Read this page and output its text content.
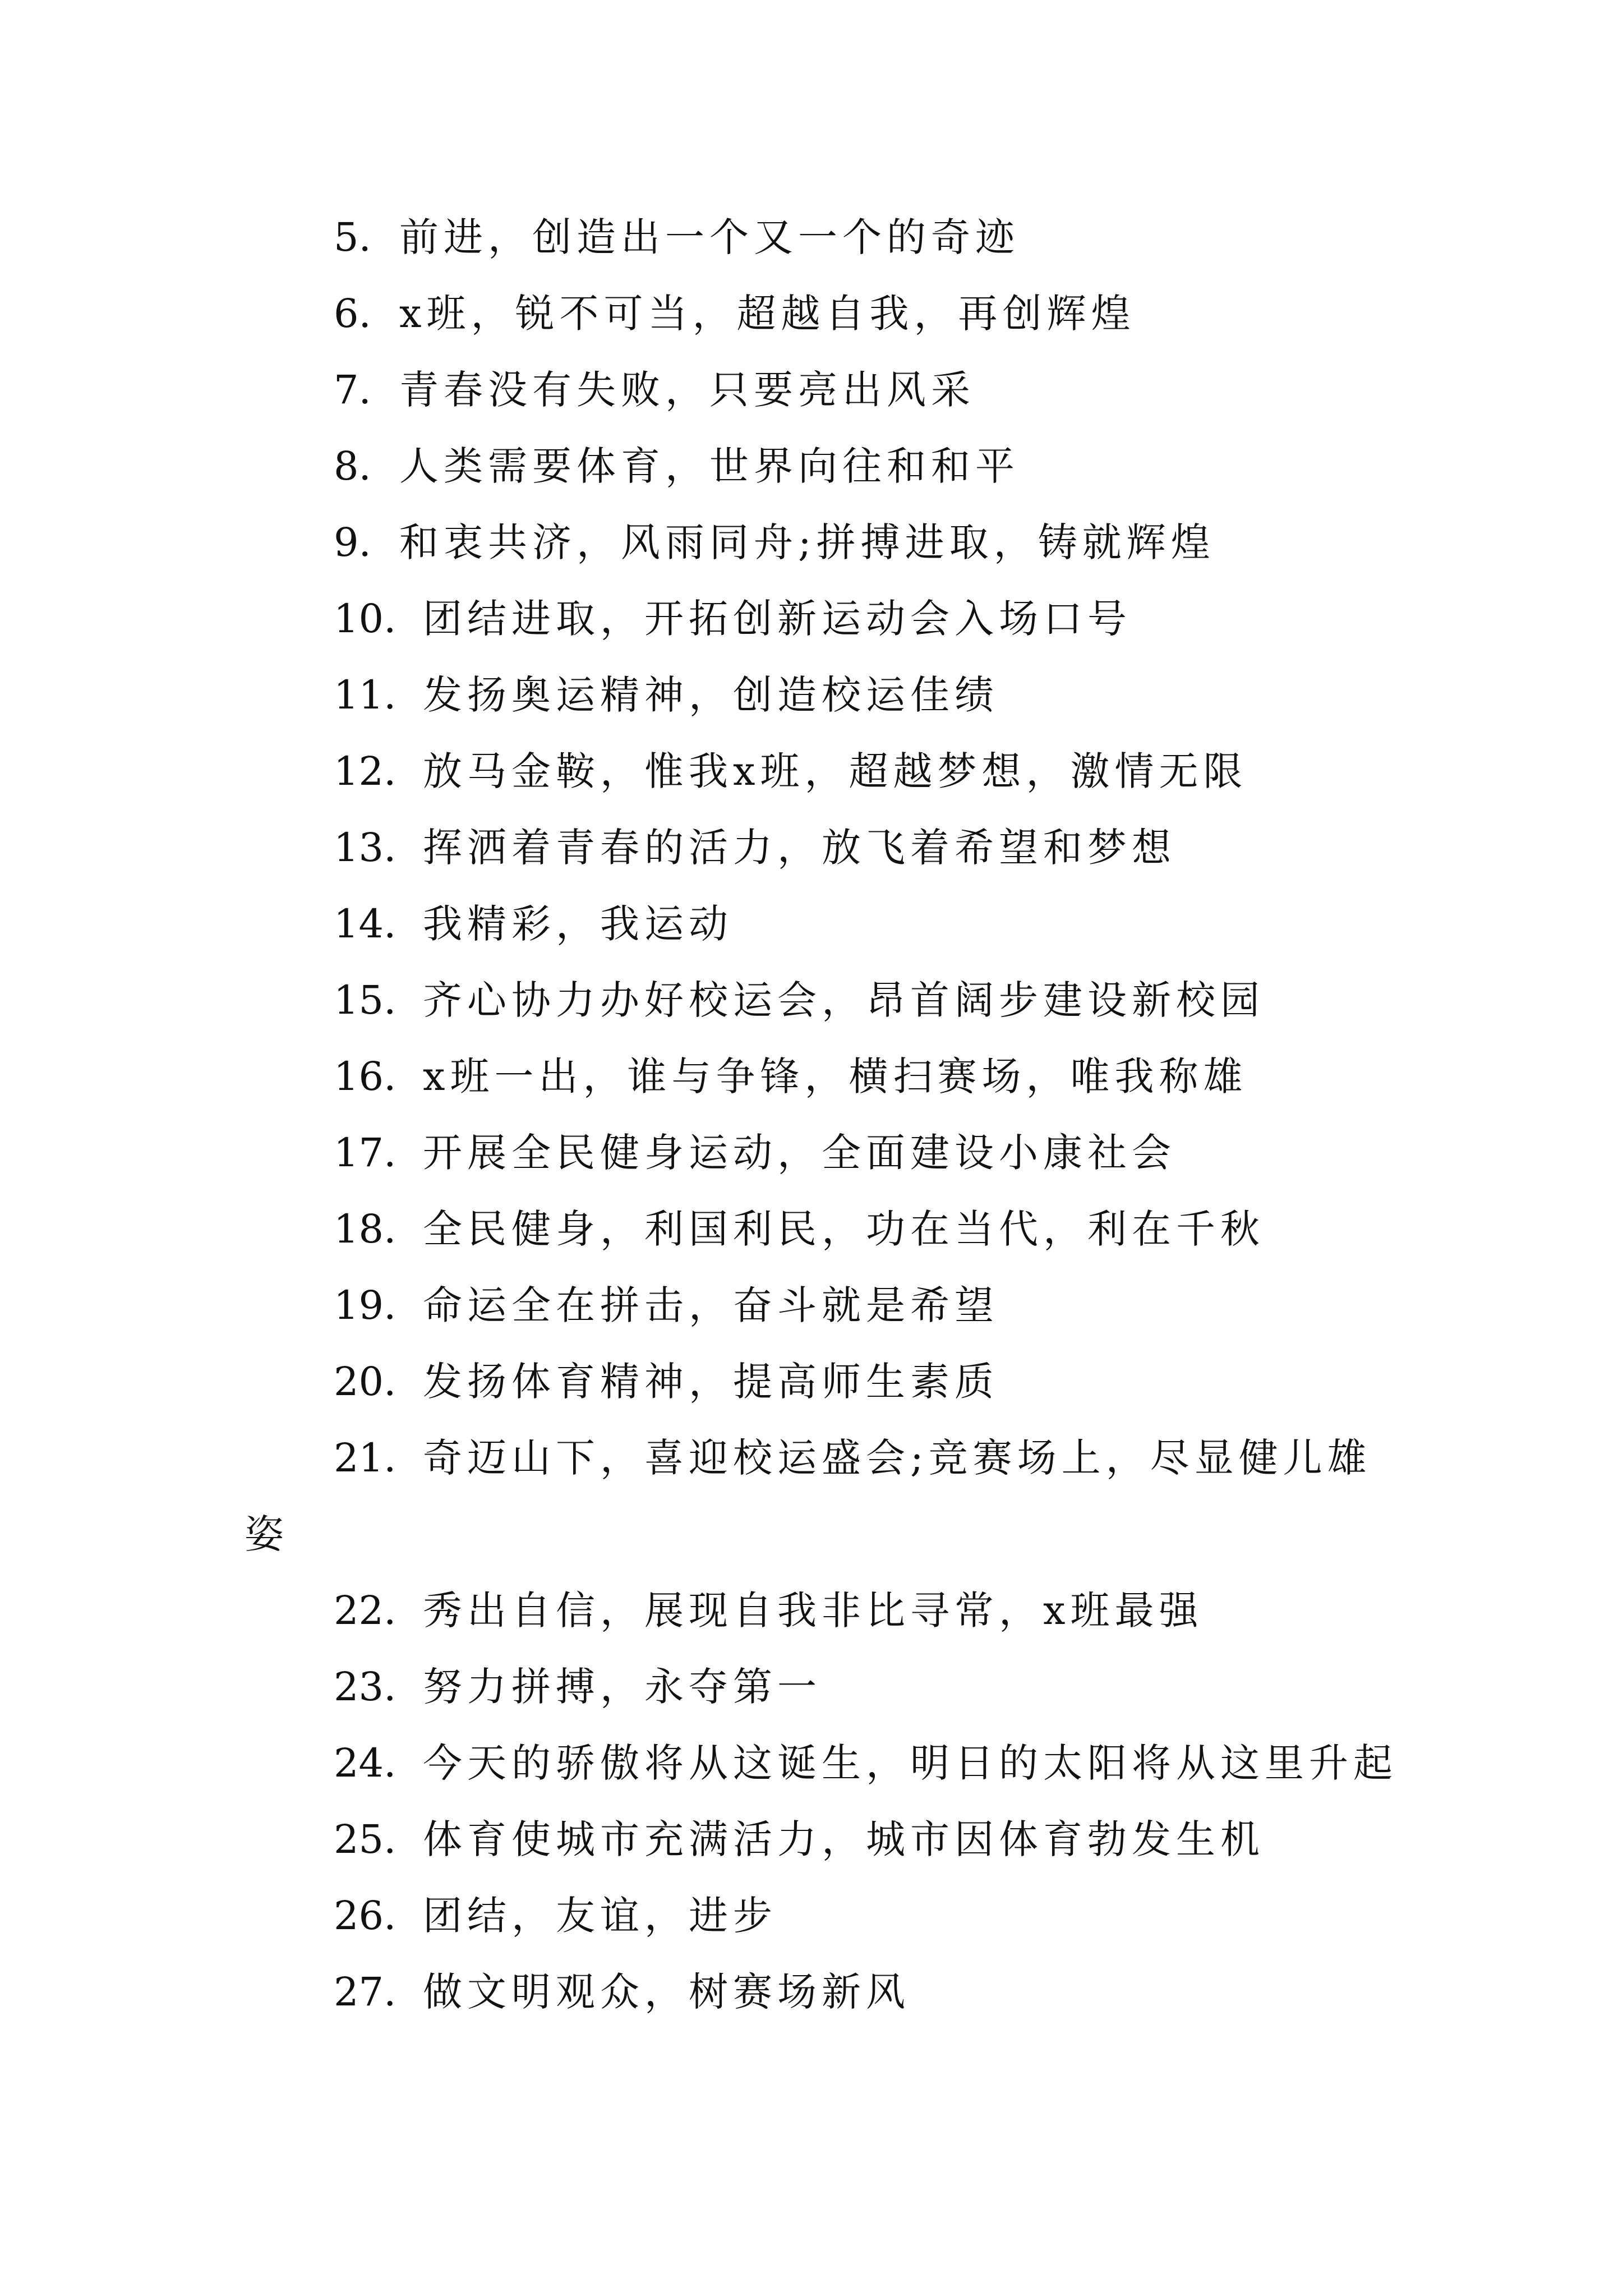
5. 前进，创造出一个又一个的奇迹
6. x班，锐不可当，超越自我，再创辉煌
7. 青春没有失败，只要亮出风采
8. 人类需要体育，世界向往和和平
9. 和衷共济，风雨同舟;拼搏进取，铸就辉煌
10. 团结进取，开拓创新运动会入场口号
11. 发扬奥运精神，创造校运佳绩
12. 放马金鞍，惟我x班，超越梦想，激情无限
13. 挥洒着青春的活力，放飞着希望和梦想
14. 我精彩，我运动
15. 齐心协力办好校运会，昂首阔步建设新校园
16. x班一出，谁与争锋，横扫赛场，唯我称雄
17. 开展全民健身运动，全面建设小康社会
18. 全民健身，利国利民，功在当代，利在千秋
19. 命运全在拼击，奋斗就是希望
20. 发扬体育精神，提高师生素质
21. 奇迈山下，喜迎校运盛会;竞赛场上，尽显健儿雄
姿
22. 秀出自信，展现自我非比寻常，x班最强
23. 努力拼搏，永夺第一
24. 今天的骄傲将从这诞生，明日的太阳将从这里升起
25. 体育使城市充满活力，城市因体育勃发生机
26. 团结，友谊，进步
27. 做文明观众，树赛场新风
